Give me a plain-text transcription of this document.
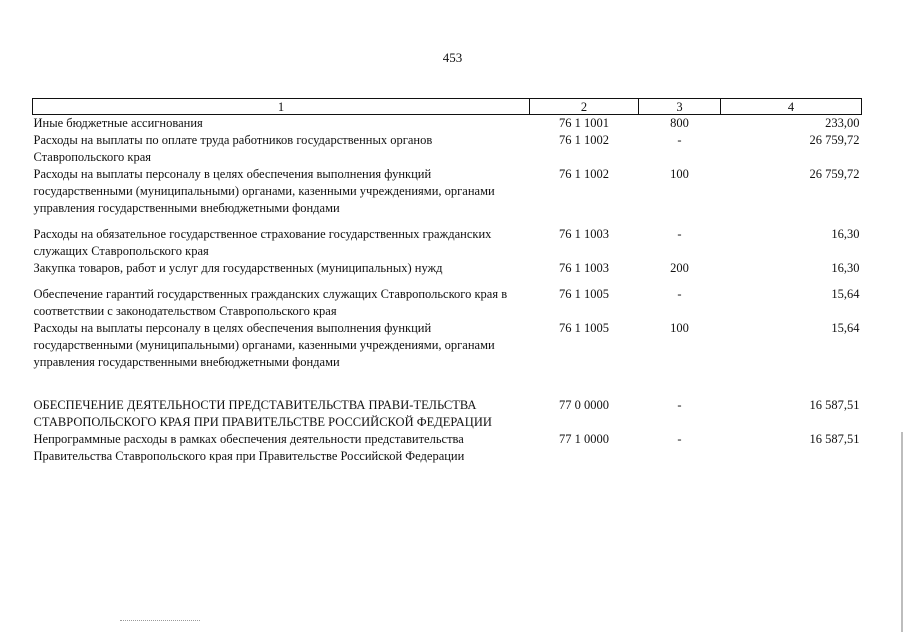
453
1	2	3	4
Иные бюджетные ассигнования	76 1 1001	800	233,00
Расходы на выплаты по оплате труда работников государственных органов Ставропольского края	76 1 1002	-	26 759,72
Расходы на выплаты персоналу в целях обеспечения выполнения функций государственными (муниципальными) органами, казенными учреждениями, органами управления государственными внебюджетными фондами	76 1 1002	100	26 759,72

Расходы на обязательное государственное страхование государственных гражданских служащих Ставропольского края	76 1 1003	-	16,30
Закупка товаров, работ и услуг для государственных (муниципальных) нужд	76 1 1003	200	16,30

Обеспечение гарантий государственных гражданских служащих Ставропольского края в соответствии с законодательством Ставропольского края	76 1 1005	-	15,64
Расходы на выплаты персоналу в целях обеспечения выполнения функций государственными (муниципальными) органами, казенными учреждениями, органами управления государственными внебюджетными фондами	76 1 1005	100	15,64

ОБЕСПЕЧЕНИЕ ДЕЯТЕЛЬНОСТИ ПРЕДСТАВИТЕЛЬСТВА ПРАВИ-ТЕЛЬСТВА СТАВРОПОЛЬСКОГО КРАЯ ПРИ ПРАВИТЕЛЬСТВЕ РОССИЙСКОЙ ФЕДЕРАЦИИ	77 0 0000	-	16 587,51
Непрограммные расходы в рамках обеспечения деятельности представительства Правительства Ставропольского края при Правительстве Российской Федерации	77 1 0000	-	16 587,51
